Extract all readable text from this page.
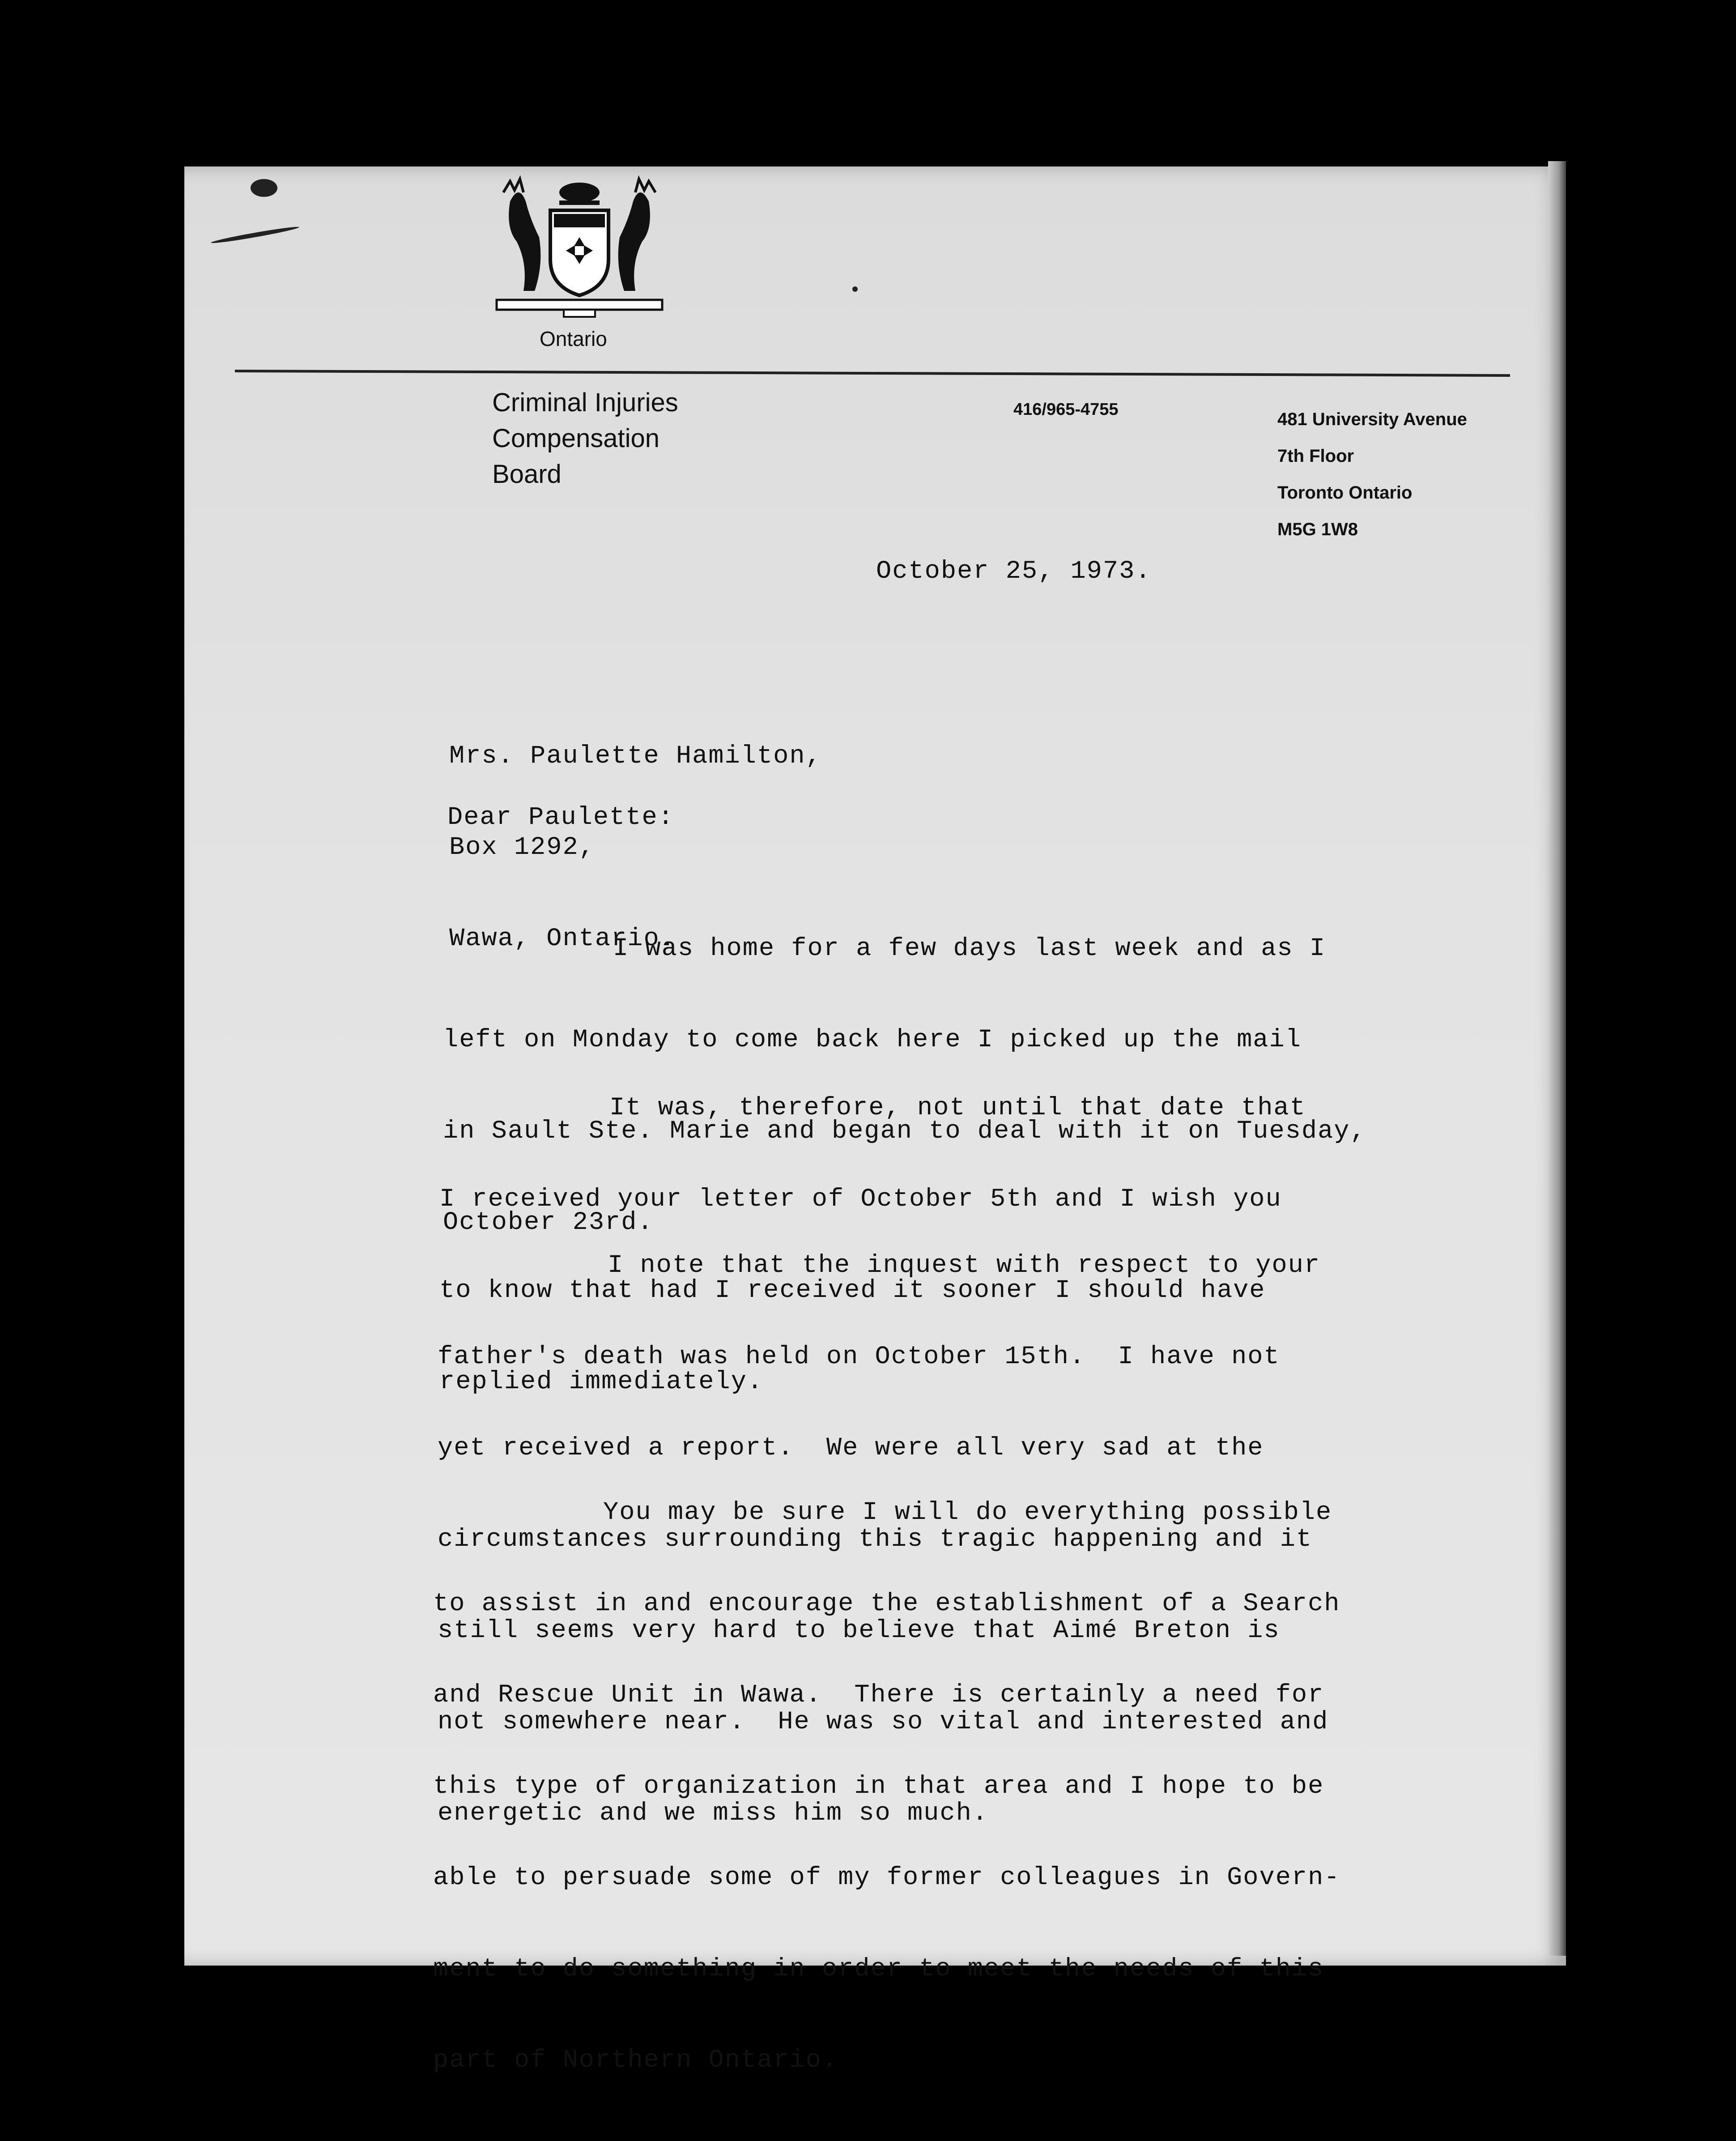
Ontario
Criminal Injuries
Compensation
Board
416/965-4755	481 University Avenue
7th Floor
Toronto Ontario
M5G 1W8
October 25, 1973.

Mrs. Paulette Hamilton,

Box 1292,

Wawa, Ontario.

Dear Paulette:

I was home for a few days last week and as I

left on Monday to come back here I picked up the mail

in Sault Ste. Marie and began to deal with it on Tuesday,

October 23rd.

It was, therefore, not until that date that

I received your letter of October 5th and I wish you

to know that had I received it sooner I should have

replied immediately.

I note that the inquest with respect to your

father's death was held on October 15th.  I have not

yet received a report.  We were all very sad at the

circumstances surrounding this tragic happening and it

still seems very hard to believe that Aimé Breton is

not somewhere near.  He was so vital and interested and

energetic and we miss him so much.

You may be sure I will do everything possible

to assist in and encourage the establishment of a Search

and Rescue Unit in Wawa.  There is certainly a need for

this type of organization in that area and I hope to be

able to persuade some of my former colleagues in Govern-

ment to do something in order to meet the needs of this

part of Northern Ontario.
